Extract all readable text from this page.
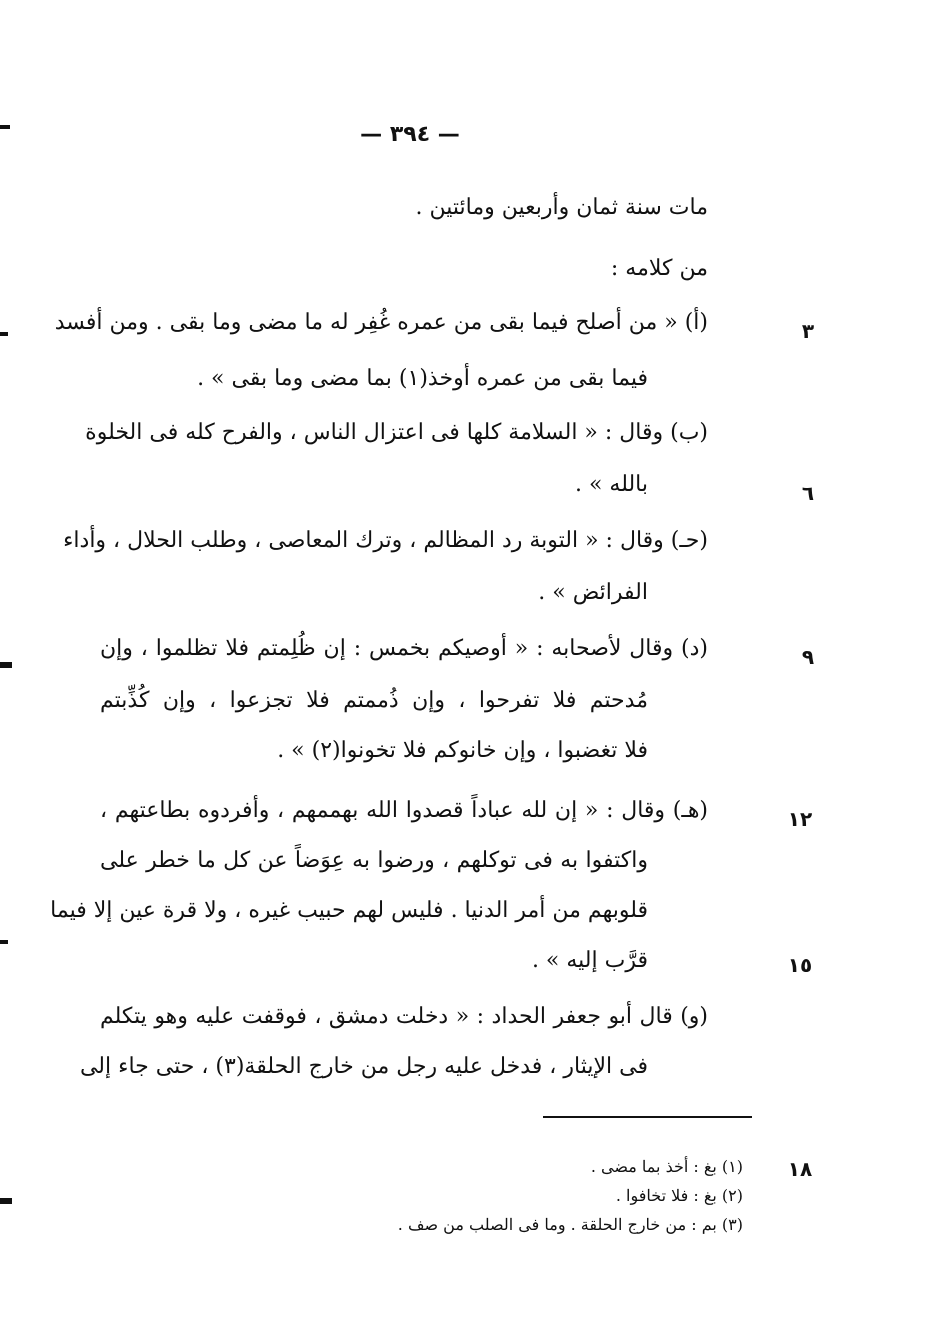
— ٣٩٤ —
مات سنة ثمان وأربعين ومائتين .
من كلامه :
(أ) « من أصلح فيما بقى من عمره غُفِر له ما مضى وما بقى . ومن أفسد
فيما بقى من عمره أوخذ(١) بما مضى وما بقى » .
(ب) وقال : « السلامة كلها فى اعتزال الناس ، والفرح كله فى الخلوة
بالله » .
(حـ) وقال : « التوبة رد المظالم ، وترك المعاصى ، وطلب الحلال ، وأداء
الفرائض » .
(د) وقال لأصحابه : « أوصيكم بخمس : إن ظُلِمتم فلا تظلموا ، وإن
مُدحتم فلا تفرحوا ، وإن ذُممتم فلا تجزعوا ، وإن كُذِّبتم
فلا تغضبوا ، وإن خانوكم فلا تخونوا(٢) » .
(هـ) وقال : « إن لله عباداً قصدوا الله بهممهم ، وأفردوه بطاعتهم ،
واكتفوا به فى توكلهم ، ورضوا به عِوَضاً عن كل ما خطر على
قلوبهم من أمر الدنيا . فليس لهم حبيب غيره ، ولا قرة عين إلا فيما
قرَّب إليه » .
(و) قال أبو جعفر الحداد : « دخلت دمشق ، فوقفت عليه وهو يتكلم
فى الإيثار ، فدخل عليه رجل من خارج الحلقة(٣) ، حتى جاء إلى
٣
٦
٩
١٢
١٥
١٨
(١) بغ : أخذ بما مضى .
(٢) بغ : فلا تخافوا .
(٣) بم : من خارج الحلقة . وما فى الصلب من صف .
